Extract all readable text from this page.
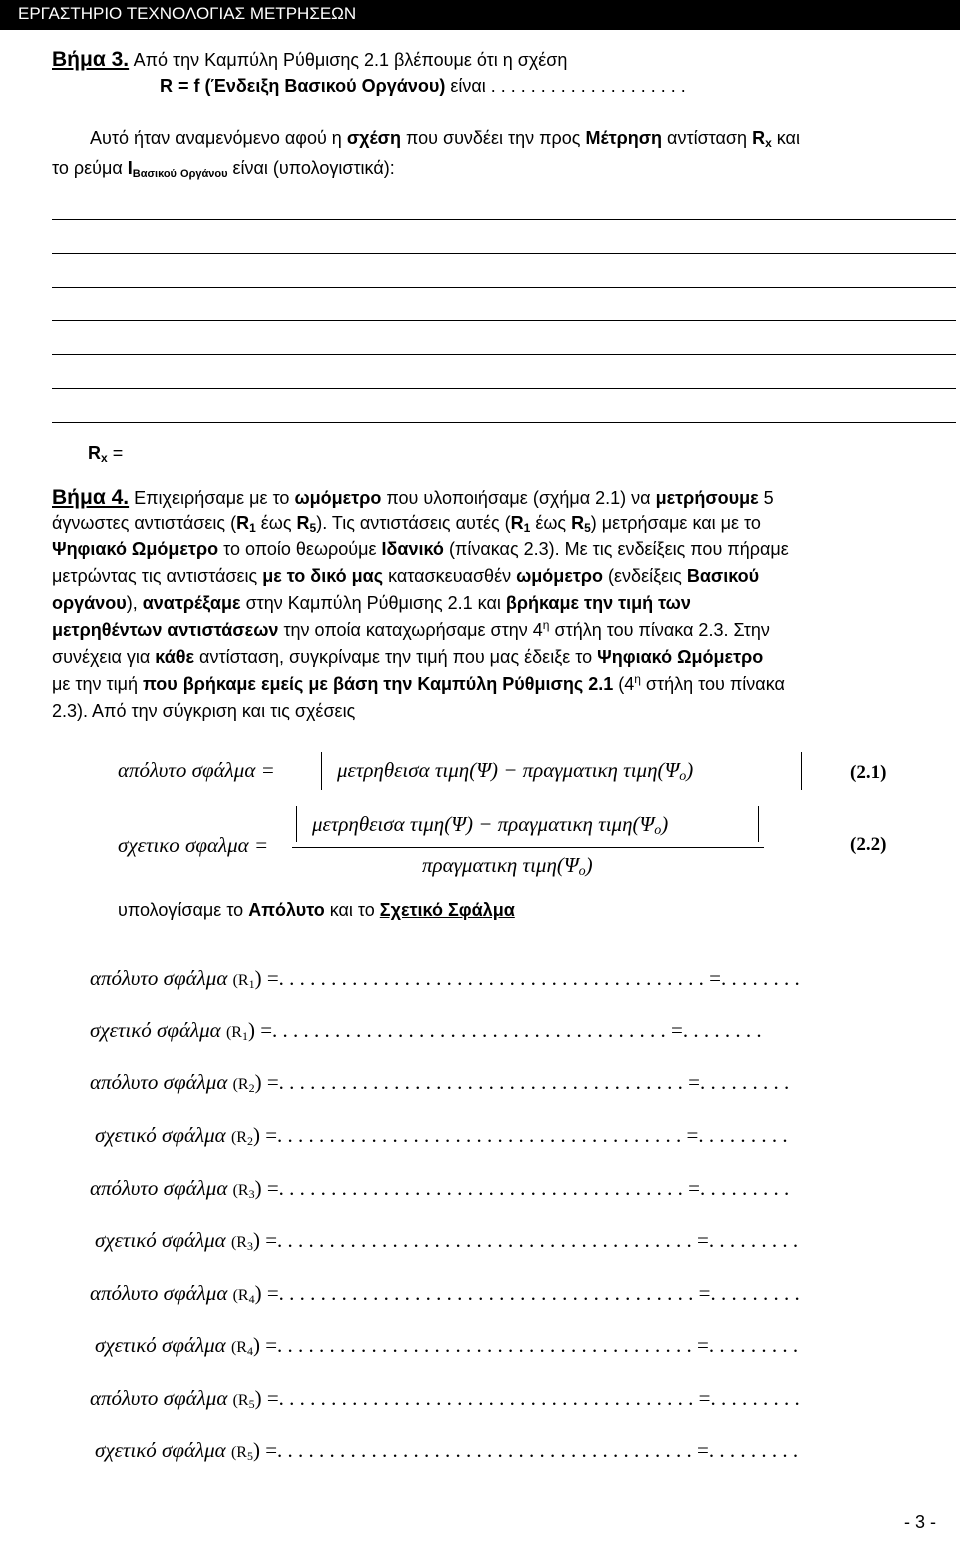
ΕΡΓΑΣΤΗΡΙΟ ΤΕΧΝΟΛΟΓΙΑΣ ΜΕΤΡΗΣΕΩΝ
Βήμα 3. Από την Καμπύλη Ρύθμισης 2.1 βλέπουμε ότι η σχέση
R = f (Ένδειξη Βασικού Οργάνου) είναι . . . . . . . . . . . . . . . . . . . .
Αυτό ήταν αναμενόμενο αφού η σχέση που συνδέει την προς Μέτρηση αντίσταση $R_x$ και
το ρεύμα $I_{B\alpha\sigma\iota\kappa oύ O\rho\gamma ά\nu o\upsilon}$ είναι (υπολογιστικά):
$R_x$ =
Βήμα 4. Επιχειρήσαμε με το ωμόμετρο που υλοποιήσαμε (σχήμα 2.1) να μετρήσουμε 5
άγνωστες αντιστάσεις ($R_1$ έως $R_5$). Τις αντιστάσεις αυτές ($R_1$ έως $R_5$) μετρήσαμε και με το
Ψηφιακό Ωμόμετρο το οποίο θεωρούμε Ιδανικό (πίνακας 2.3). Με τις ενδείξεις που πήραμε
μετρώντας τις αντιστάσεις με το δικό μας κατασκευασθέν ωμόμετρο (ενδείξεις Βασικού
οργάνου), ανατρέξαμε στην Καμπύλη Ρύθμισης 2.1 και βρήκαμε την τιμή των
μετρηθέντων αντιστάσεων την οποία καταχωρήσαμε στην $4^\eta$ στήλη του πίνακα 2.3. Στην
συνέχεια για κάθε αντίσταση, συγκρίναμε την τιμή που μας έδειξε το Ψηφιακό Ωμόμετρο
με την τιμή που βρήκαμε εμείς με βάση την Καμπύλη Ρύθμισης 2.1 ($4^\eta$ στήλη του πίνακα
2.3). Από την σύγκριση και τις σχέσεις
απόλυτο σφάλμα =	μετρηθεισα τιμη(Ψ) − πραγματικη $\tau\iota\mu\eta(\Psi_o)$	(2.1)
σχετικο σφαλμα =
μετρηθεισα τιμη(Ψ) − πραγματικη $\tau\iota\mu\eta(\Psi_o)$
πραγματικη $\tau\iota\mu\eta(\Psi_o)$
(2.2)
υπολογίσαμε το Απόλυτο και το Σχετικό Σφάλμα
απόλυτο σφάλμα $(R_1)$ =. . . . . . . . . . . . . . . . . . . . . . . . . . . . . . . . . . . . . . . . . =. . . . . . . .
σχετικό σφάλμα $(R_1)$ =. . . . . . . . . . . . . . . . . . . . . . . . . . . . . . . . . . . . . . =. . . . . . . .
απόλυτο σφάλμα $(R_2)$ =. . . . . . . . . . . . . . . . . . . . . . . . . . . . . . . . . . . . . . . =. . . . . . . . .
σχετικό σφάλμα $(R_2)$ =. . . . . . . . . . . . . . . . . . . . . . . . . . . . . . . . . . . . . . . =. . . . . . . . .
απόλυτο σφάλμα $(R_3)$ =. . . . . . . . . . . . . . . . . . . . . . . . . . . . . . . . . . . . . . . =. . . . . . . . .
σχετικό σφάλμα $(R_3)$ =. . . . . . . . . . . . . . . . . . . . . . . . . . . . . . . . . . . . . . . . =. . . . . . . . .
απόλυτο σφάλμα $(R_4)$ =. . . . . . . . . . . . . . . . . . . . . . . . . . . . . . . . . . . . . . . . =. . . . . . . . .
σχετικό σφάλμα $(R_4)$ =. . . . . . . . . . . . . . . . . . . . . . . . . . . . . . . . . . . . . . . . =. . . . . . . . .
απόλυτο σφάλμα $(R_5)$ =. . . . . . . . . . . . . . . . . . . . . . . . . . . . . . . . . . . . . . . . =. . . . . . . . .
σχετικό σφάλμα $(R_5)$ =. . . . . . . . . . . . . . . . . . . . . . . . . . . . . . . . . . . . . . . . =. . . . . . . . .
- 3 -
